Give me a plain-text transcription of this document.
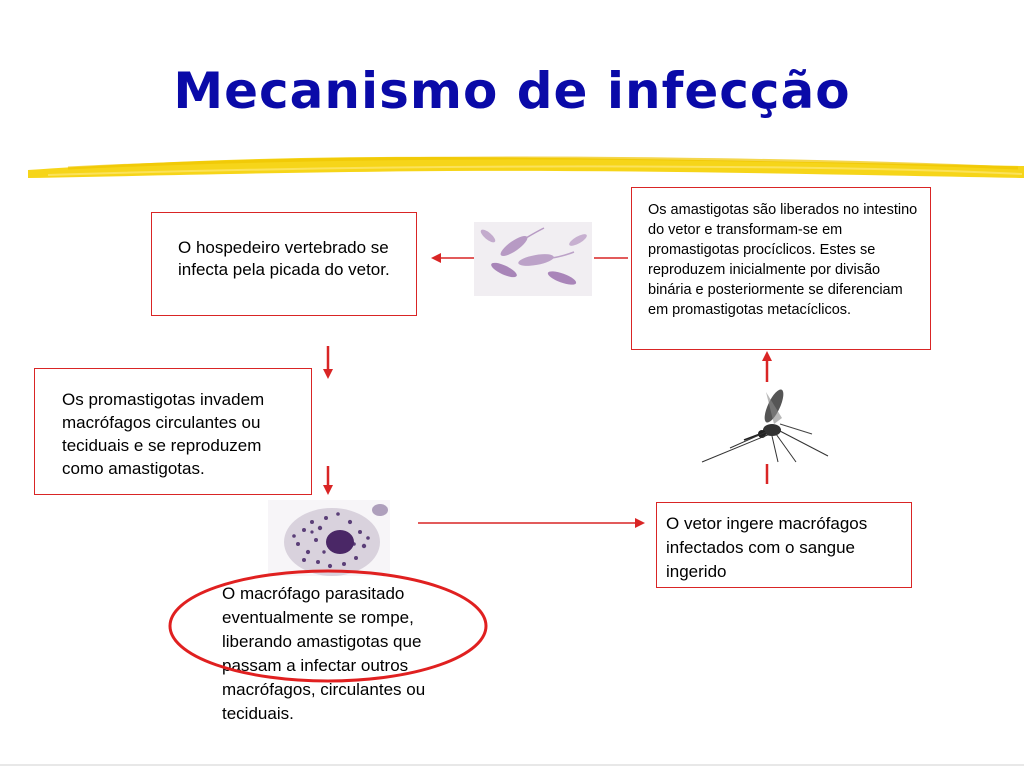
Mecanismo de infecção

O hospedeiro vertebrado se infecta pela picada do vetor.

Os promastigotas invadem macrófagos circulantes ou teciduais e se reproduzem como amastigotas.

Os amastigotas são liberados no intestino do vetor e transformam-se em promastigotas procíclicos. Estes se reproduzem inicialmente por divisão binária e posteriormente se diferenciam em promastigotas metacíclicos.

O vetor ingere macrófagos infectados com o sangue ingerido

O macrófago parasitado eventualmente se rompe, liberando amastigotas que passam a infectar outros macrófagos, circulantes ou teciduais.
